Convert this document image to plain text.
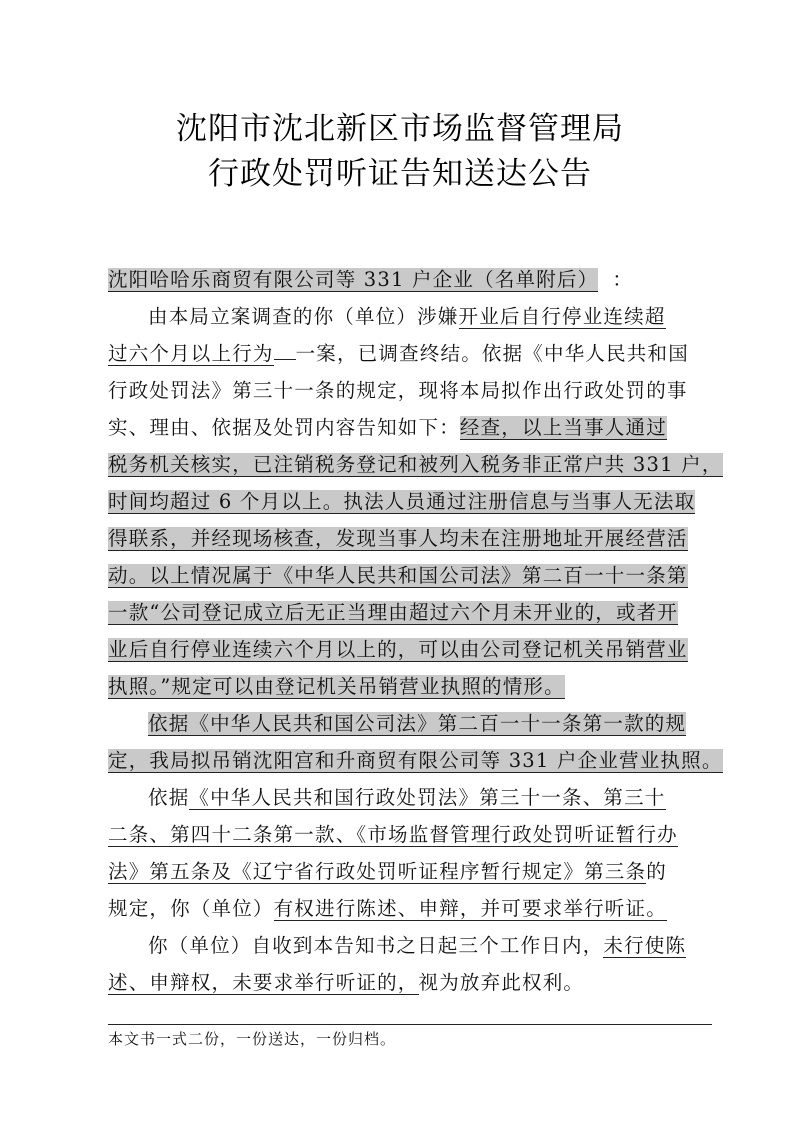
沈阳市沈北新区市场监督管理局
行政处罚听证告知送达公告
沈阳哈哈乐商贸有限公司等 331 户企业（名单附后） ：
由本局立案调查的你（单位）涉嫌开业后自行停业连续超
过六个月以上行为 一案，已调查终结。依据《中华人民共和国
行政处罚法》第三十一条的规定，现将本局拟作出行政处罚的事
实、理由、依据及处罚内容告知如下：经查，以上当事人通过
税务机关核实，已注销税务登记和被列入税务非正常户共 331 户，
时间均超过 6 个月以上。执法人员通过注册信息与当事人无法取
得联系，并经现场核查，发现当事人均未在注册地址开展经营活
动。以上情况属于《中华人民共和国公司法》第二百一十一条第
一款“公司登记成立后无正当理由超过六个月未开业的，或者开
业后自行停业连续六个月以上的，可以由公司登记机关吊销营业
执照。”规定可以由登记机关吊销营业执照的情形。
依据《中华人民共和国公司法》第二百一十一条第一款的规
定，我局拟吊销沈阳宫和升商贸有限公司等 331 户企业营业执照。
依据《中华人民共和国行政处罚法》第三十一条、第三十
二条、第四十二条第一款、《市场监督管理行政处罚听证暂行办
法》第五条及《辽宁省行政处罚听证程序暂行规定》第三条的
规定，你（单位）有权进行陈述、申辩，并可要求举行听证。
你（单位）自收到本告知书之日起三个工作日内，未行使陈
述、申辩权，未要求举行听证的，视为放弃此权利。
本文书一式二份，一份送达，一份归档。
